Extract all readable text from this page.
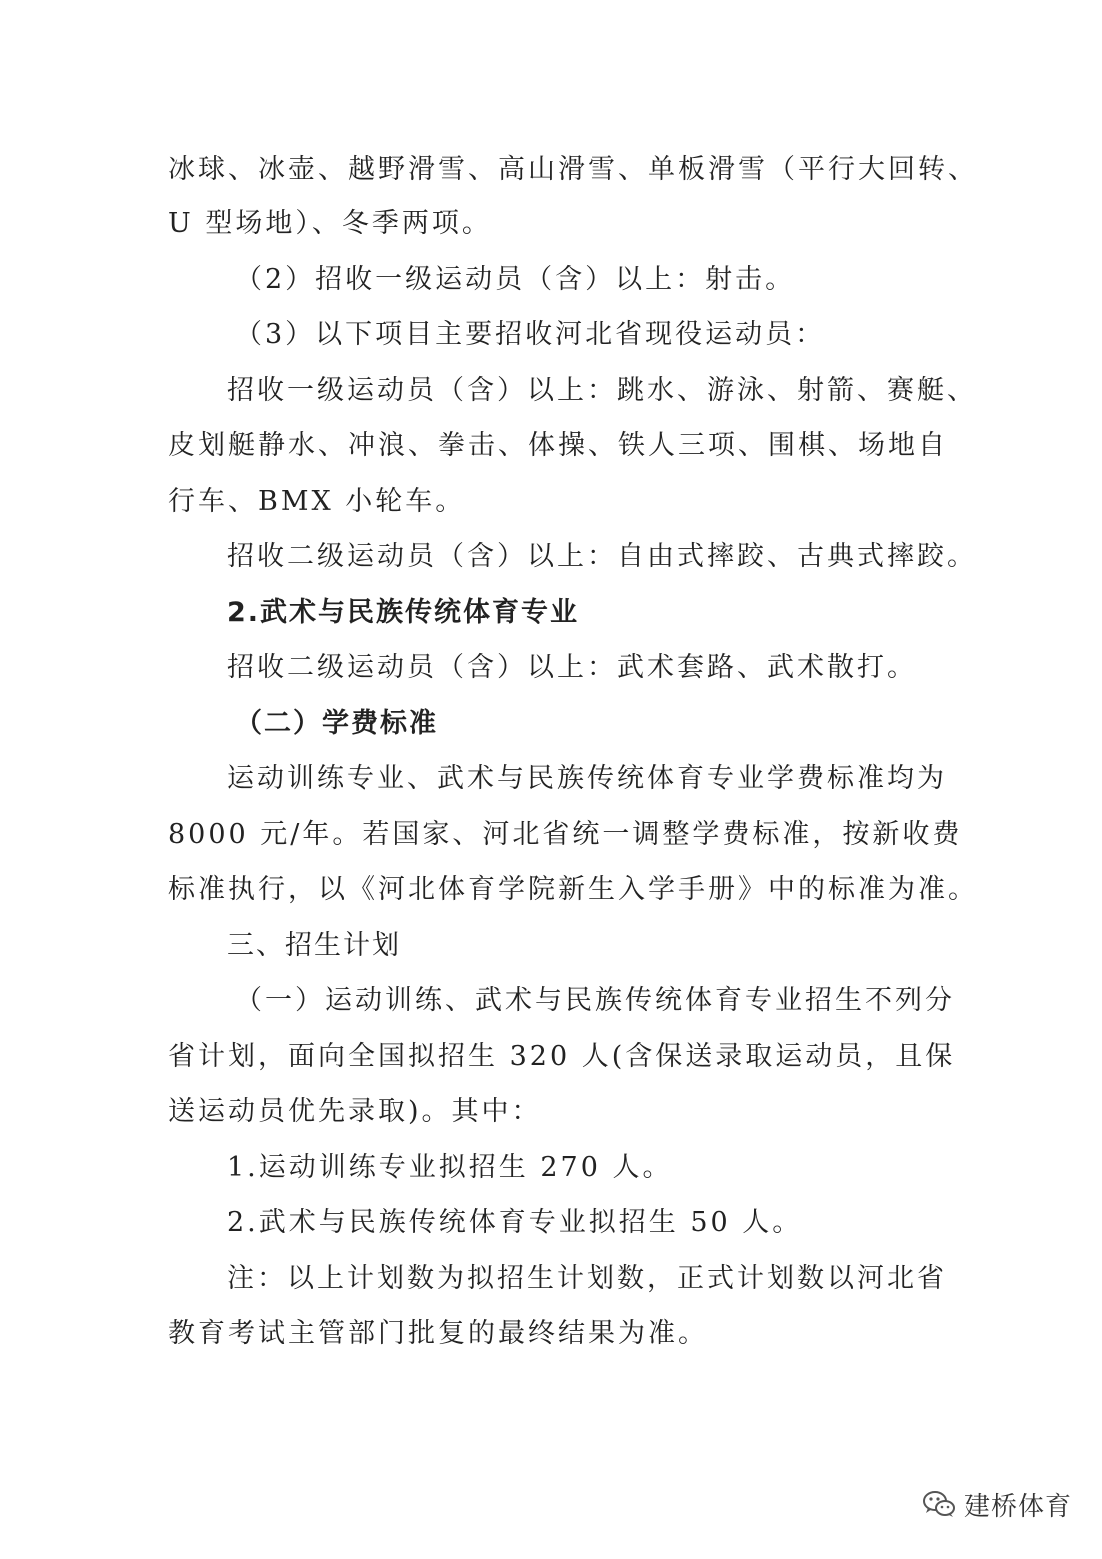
冰球、冰壶、越野滑雪、高山滑雪、单板滑雪（平行大回转、
U 型场地）、冬季两项。
（2）招收一级运动员（含）以上：射击。
（3）以下项目主要招收河北省现役运动员：
招收一级运动员（含）以上：跳水、游泳、射箭、赛艇、
皮划艇静水、冲浪、拳击、体操、铁人三项、围棋、场地自
行车、BMX 小轮车。
招收二级运动员（含）以上：自由式摔跤、古典式摔跤。
2.武术与民族传统体育专业
招收二级运动员（含）以上：武术套路、武术散打。
（二）学费标准
运动训练专业、武术与民族传统体育专业学费标准均为
8000 元/年。若国家、河北省统一调整学费标准，按新收费
标准执行，以《河北体育学院新生入学手册》中的标准为准。
三、招生计划
（一）运动训练、武术与民族传统体育专业招生不列分
省计划，面向全国拟招生 320 人(含保送录取运动员，且保
送运动员优先录取)。其中：
1.运动训练专业拟招生 270 人。
2.武术与民族传统体育专业拟招生 50 人。
注：以上计划数为拟招生计划数，正式计划数以河北省
教育考试主管部门批复的最终结果为准。
建桥体育
